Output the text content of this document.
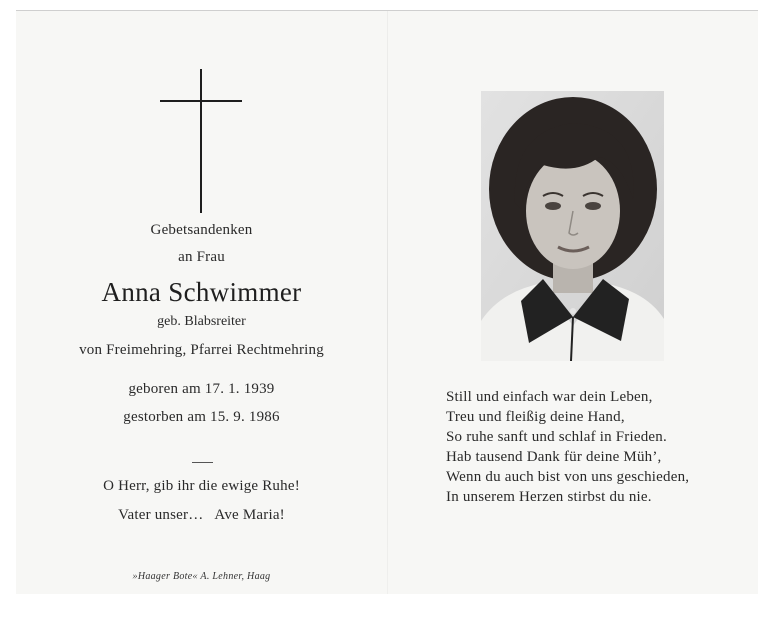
Gebetsandenken
an Frau
Anna Schwimmer
geb. Blabsreiter
von Freimehring, Pfarrei Rechtmehring
geboren am 17. 1. 1939
gestorben am 15. 9. 1986
O Herr, gib ihr die ewige Ruhe!
Vater unser…   Ave Maria!
»Haager Bote« A. Lehner, Haag
Still und einfach war dein Leben,
Treu und fleißig deine Hand,
So ruhe sanft und schlaf in Frieden.
Hab tausend Dank für deine Müh’,
Wenn du auch bist von uns geschieden,
In unserem Herzen stirbst du nie.
